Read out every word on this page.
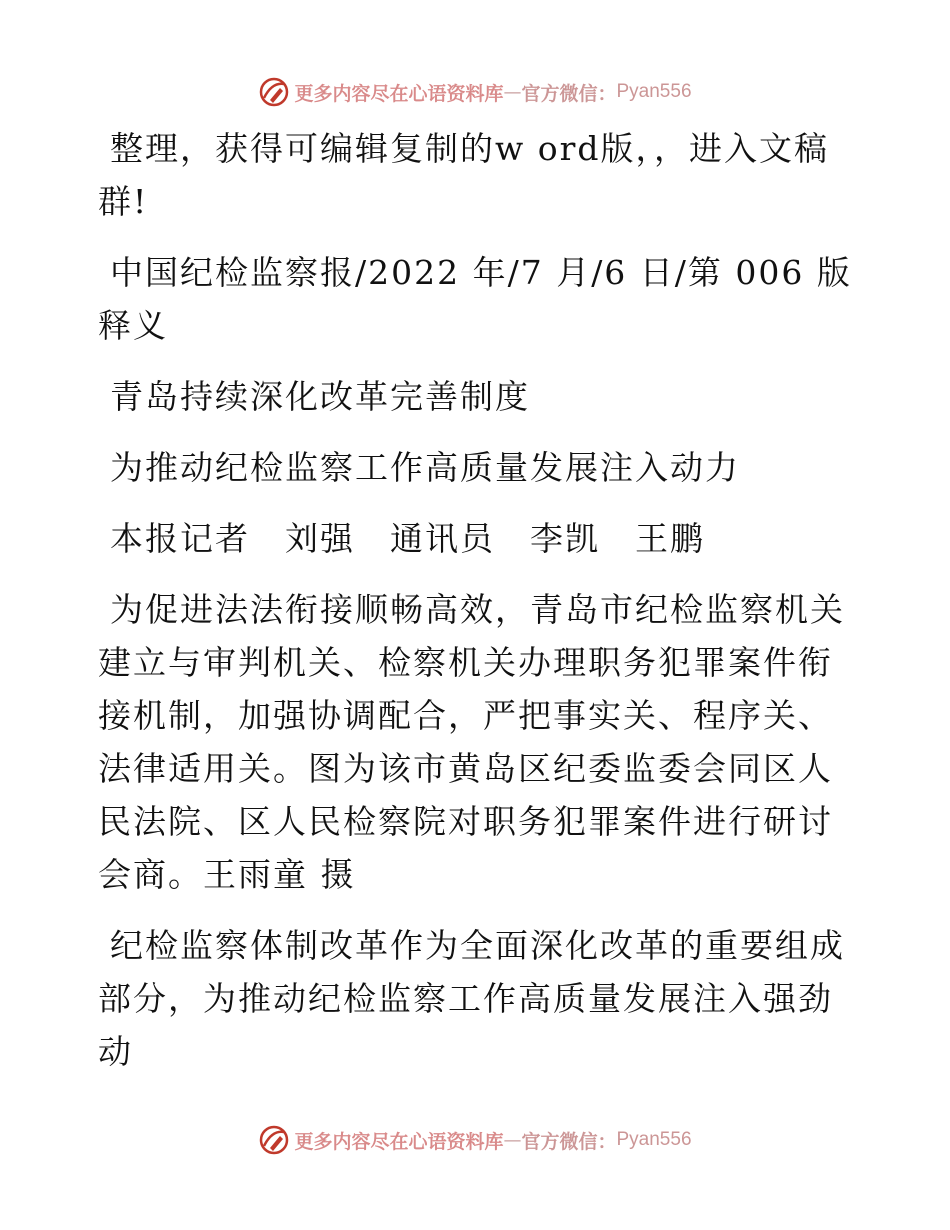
更多内容尽在心语资料库 — 官方微信： Pyan556

整理，获得可编辑复制的w ord版，，进入文稿群!

中国纪检监察报/2022 年/7 月/6 日/第 006 版释义

青岛持续深化改革完善制度

为推动纪检监察工作高质量发展注入动力

本报记者　刘强　通讯员　李凯　王鹏

为促进法法衔接顺畅高效，青岛市纪检监察机关建立与审判机关、检察机关办理职务犯罪案件衔接机制，加强协调配合，严把事实关、程序关、法律适用关。图为该市黄岛区纪委监委会同区人民法院、区人民检察院对职务犯罪案件进行研讨会商。王雨童 摄

纪检监察体制改革作为全面深化改革的重要组成部分，为推动纪检监察工作高质量发展注入强劲动

更多内容尽在心语资料库 — 官方微信： Pyan556
